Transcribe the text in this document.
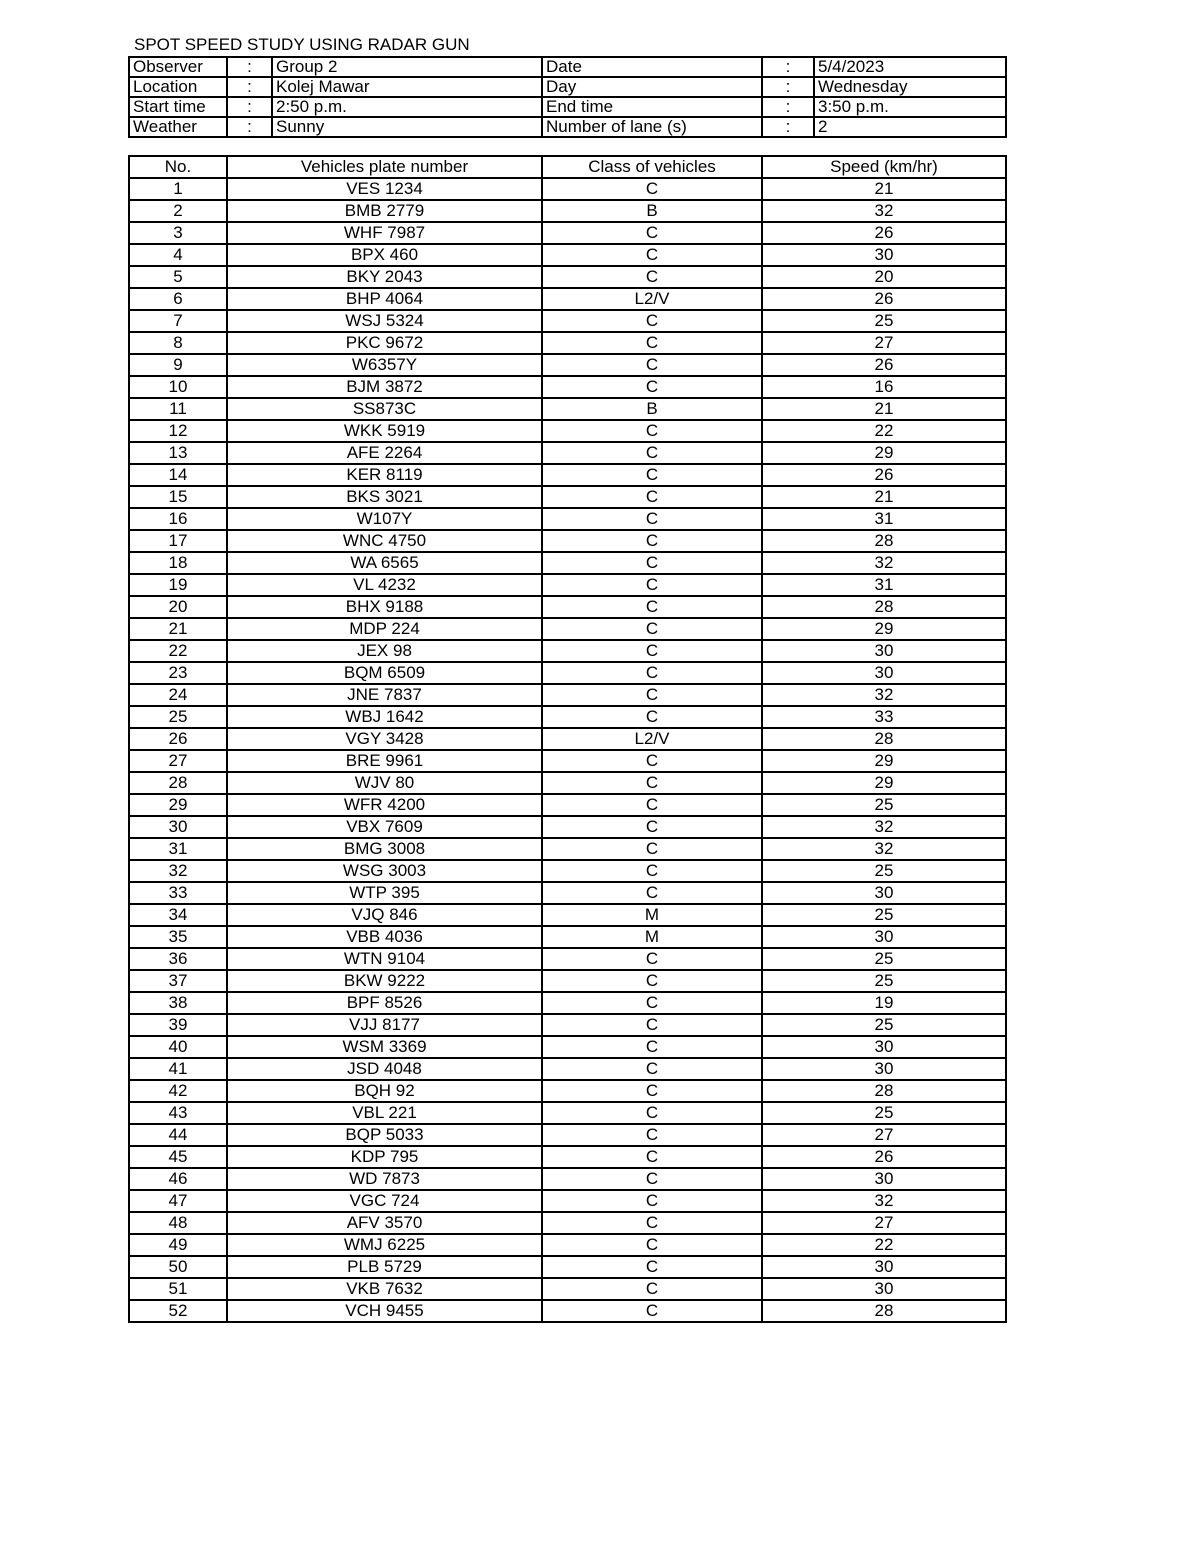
SPOT SPEED STUDY USING RADAR GUN
Observer	:	Group 2	Date	:	5/4/2023
Location	:	Kolej Mawar	Day	:	Wednesday
Start time	:	2:50 p.m.	End time	:	3:50 p.m.
Weather	:	Sunny	Number of lane (s)	:	2
No.	Vehicles plate number	Class of vehicles	Speed (km/hr)
1	VES 1234	C	21
2	BMB 2779	B	32
3	WHF 7987	C	26
4	BPX 460	C	30
5	BKY 2043	C	20
6	BHP 4064	L2/V	26
7	WSJ 5324	C	25
8	PKC 9672	C	27
9	W6357Y	C	26
10	BJM 3872	C	16
11	SS873C	B	21
12	WKK 5919	C	22
13	AFE 2264	C	29
14	KER 8119	C	26
15	BKS 3021	C	21
16	W107Y	C	31
17	WNC 4750	C	28
18	WA 6565	C	32
19	VL 4232	C	31
20	BHX 9188	C	28
21	MDP 224	C	29
22	JEX 98	C	30
23	BQM 6509	C	30
24	JNE 7837	C	32
25	WBJ 1642	C	33
26	VGY 3428	L2/V	28
27	BRE 9961	C	29
28	WJV 80	C	29
29	WFR 4200	C	25
30	VBX 7609	C	32
31	BMG 3008	C	32
32	WSG 3003	C	25
33	WTP 395	C	30
34	VJQ 846	M	25
35	VBB 4036	M	30
36	WTN 9104	C	25
37	BKW 9222	C	25
38	BPF 8526	C	19
39	VJJ 8177	C	25
40	WSM 3369	C	30
41	JSD 4048	C	30
42	BQH 92	C	28
43	VBL 221	C	25
44	BQP 5033	C	27
45	KDP 795	C	26
46	WD 7873	C	30
47	VGC 724	C	32
48	AFV 3570	C	27
49	WMJ 6225	C	22
50	PLB 5729	C	30
51	VKB 7632	C	30
52	VCH 9455	C	28
